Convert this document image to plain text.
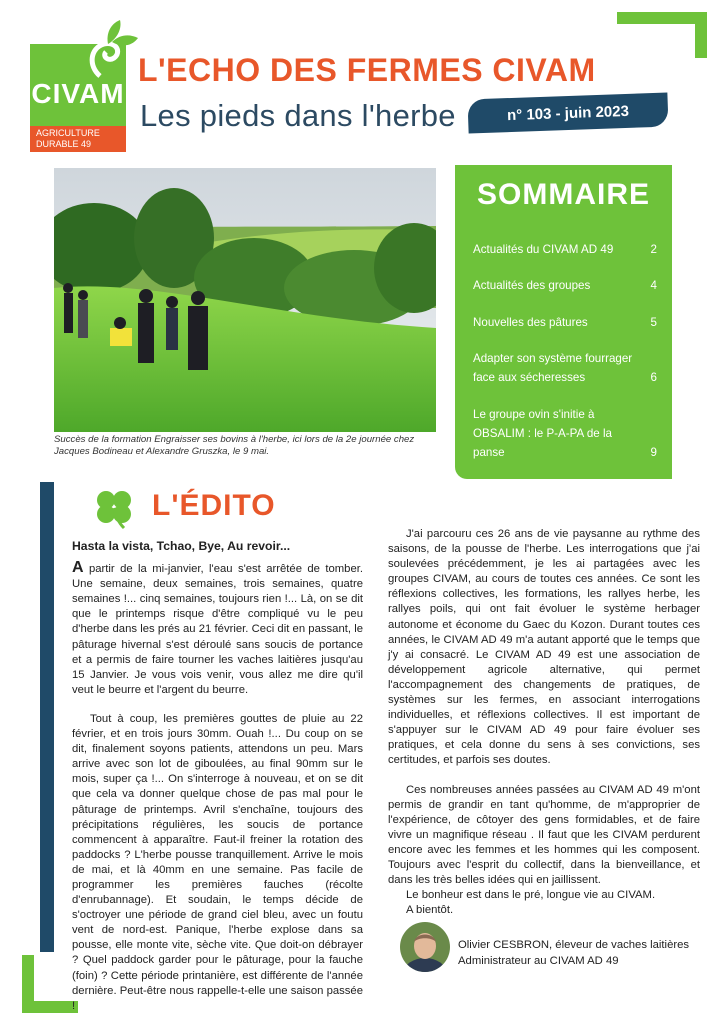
CIVAM
AGRICULTURE
DURABLE 49
L'ECHO DES FERMES CIVAM
Les pieds dans l'herbe	n° 103 - juin 2023
Succès de la formation Engraisser ses bovins à l'herbe, ici lors de la 2e journée chez Jacques Bodineau et Alexandre Gruszka, le 9 mai.
SOMMAIRE
Actualités du CIVAM AD 49	2
Actualités des groupes	4
Nouvelles des pâtures	5
Adapter son système fourrager face aux sécheresses	6
Le groupe ovin s'initie à OBSALIM : le P-A-PA de la panse	9
L'ÉDITO
Hasta la vista, Tchao, Bye, Au revoir...

A partir de la mi-janvier, l'eau s'est arrêtée de tomber. Une semaine, deux semaines, trois semaines, quatre semaines !... cinq semaines, toujours rien !... Là, on se dit que le printemps risque d'être compliqué vu le peu d'herbe dans les prés au 21 février. Ceci dit en passant, le pâturage hivernal s'est déroulé sans soucis de portance et a permis de faire tourner les vaches laitières jusqu'au 15 Janvier. Je vous vois venir, vous allez me dire qu'il veut le beurre et l'argent du beurre.

Tout à coup, les premières gouttes de pluie au 22 février, et en trois jours 30mm. Ouah !... Du coup on se dit, finalement soyons patients, attendons un peu. Mars arrive avec son lot de giboulées, au final 90mm sur le mois, super ça !... On s'interroge à nouveau, et on se dit que cela va donner quelque chose de pas mal pour le pâturage de printemps. Avril s'enchaîne, toujours des précipitations régulières, les soucis de portance commencent à apparaître. Faut-il freiner la rotation des paddocks ? L'herbe pousse tranquillement. Arrive le mois de mai, et là 40mm en une semaine. Pas facile de programmer les premières fauches (récolte d'enrubannage). Et soudain, le temps décide de s'octroyer une période de grand ciel bleu, avec un foutu vent de nord-est. Panique, l'herbe explose dans sa pousse, elle monte vite, sèche vite. Que doit-on débrayer ? Quel paddock garder pour le pâturage, pour la fauche (foin) ? Cette période printanière, est différente de l'année dernière. Peut-être nous rappelle-t-elle une saison passée !

J'ai parcouru ces 26 ans de vie paysanne au rythme des saisons, de la pousse de l'herbe. Les interrogations que j'ai soulevées précédemment, je les ai partagées avec les groupes CIVAM, au cours de toutes ces années. Ce sont les réflexions collectives, les formations, les rallyes herbe, les rallyes poils, qui ont fait évoluer le système herbager autonome et économe du Gaec du Kozon. Durant toutes ces années, le CIVAM AD 49 m'a autant apporté que le temps que j'y ai consacré. Le CIVAM AD 49 est une association de développement agricole alternative, qui permet l'accompagnement des changements de pratiques, de systèmes sur les fermes, en associant interrogations individuelles, et réflexions collectives. Il est important de s'appuyer sur le CIVAM AD 49 pour faire évoluer ses pratiques, et cela donne du sens à ses convictions, ses certitudes, et parfois ses doutes.

Ces nombreuses années passées au CIVAM AD 49 m'ont permis de grandir en tant qu'homme, de m'approprier de l'expérience, de côtoyer des gens formidables, et de faire vivre un magnifique réseau . Il faut que les CIVAM perdurent encore avec les femmes et les hommes qui les composent. Toujours avec l'esprit du collectif, dans la bienveillance, et dans les très belles idées qui en jaillissent.

Le bonheur est dans le pré, longue vie au CIVAM.

A bientôt.

Olivier CESBRON, éleveur de vaches laitières
Administrateur au CIVAM AD 49
